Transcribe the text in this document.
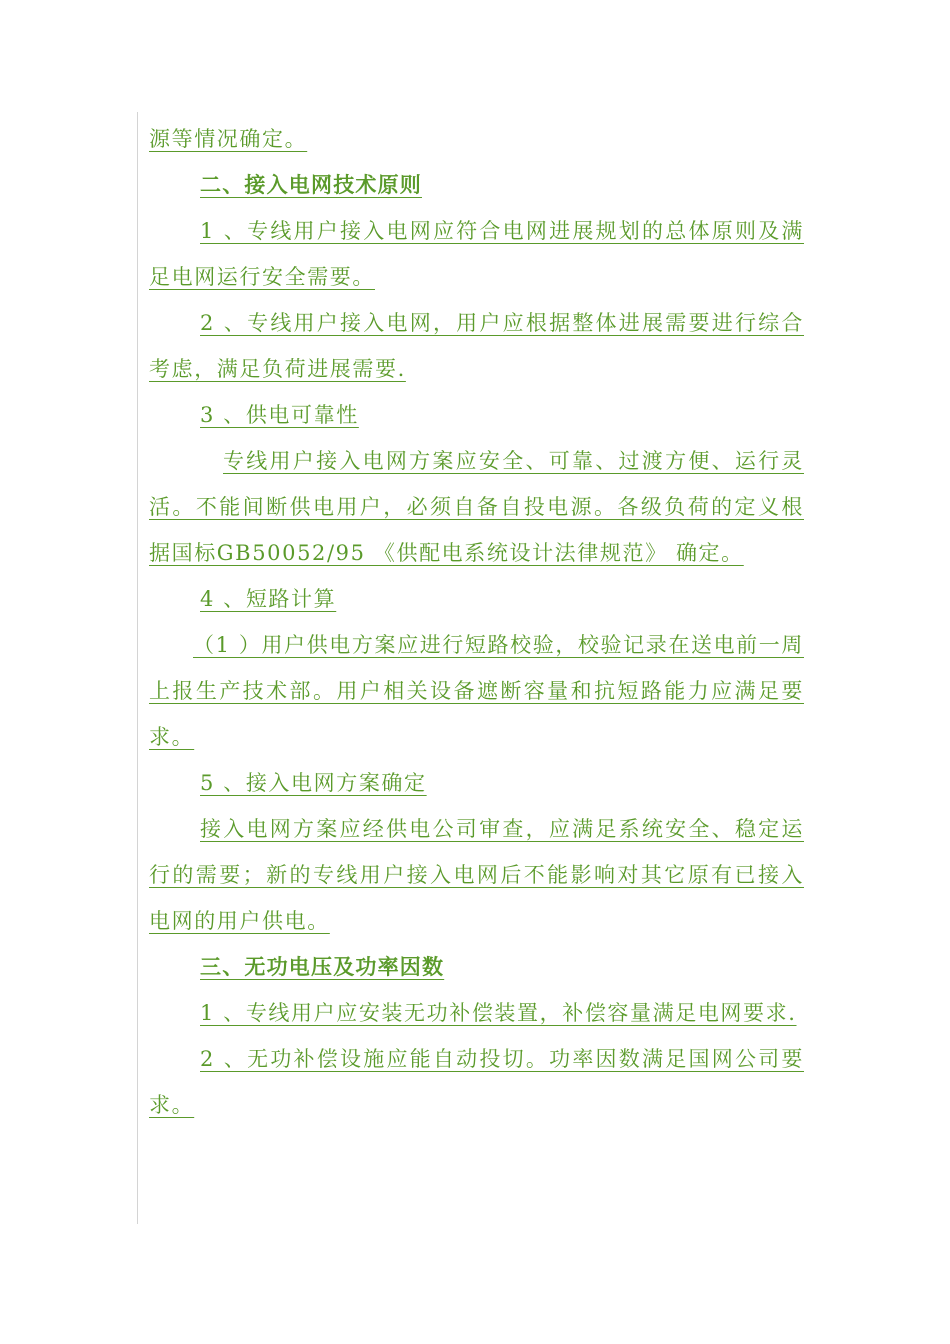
源等情况确定。

二、接入电网技术原则

1 、专线用户接入电网应符合电网进展规划的总体原则及满足电网运行安全需要。

2 、专线用户接入电网，用户应根据整体进展需要进行综合考虑，满足负荷进展需要.

3 、供电可靠性

专线用户接入电网方案应安全、可靠、过渡方便、运行灵活。不能间断供电用户，必须自备自投电源。各级负荷的定义根据国标GB50052/95 《供配电系统设计法律规范》 确定。

4 、短路计算

（1 ）用户供电方案应进行短路校验，校验记录在送电前一周上报生产技术部。用户相关设备遮断容量和抗短路能力应满足要求。

5 、接入电网方案确定

接入电网方案应经供电公司审查，应满足系统安全、稳定运行的需要；新的专线用户接入电网后不能影响对其它原有已接入电网的用户供电。

三、无功电压及功率因数

1 、专线用户应安装无功补偿装置，补偿容量满足电网要求.

2 、无功补偿设施应能自动投切。功率因数满足国网公司要求。
